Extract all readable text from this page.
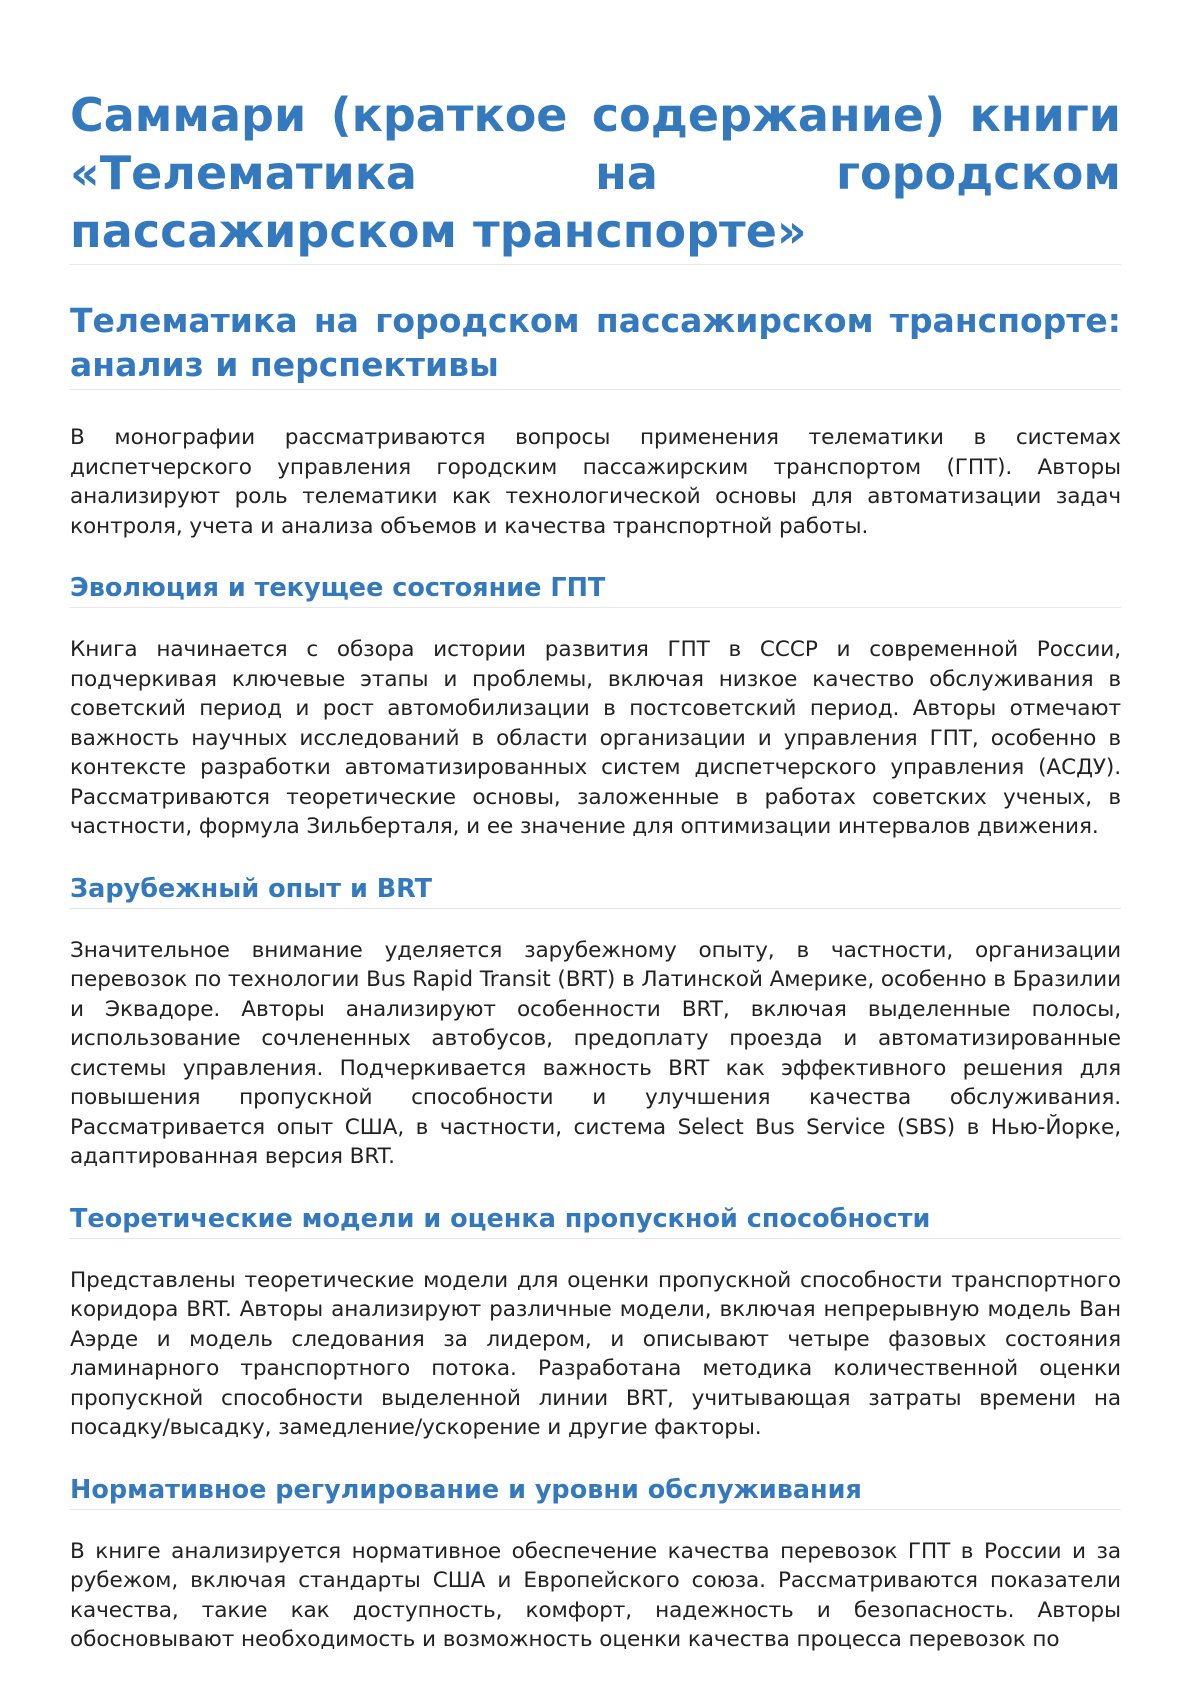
Саммари (краткое содержание) книги «Телематика на городском пассажирском транспорте»
Телематика на городском пассажирском транспорте: анализ и перспективы

В монографии рассматриваются вопросы применения телематики в системах диспетчерского управления городским пассажирским транспортом (ГПТ). Авторы анализируют роль телематики как технологической основы для автоматизации задач контроля, учета и анализа объемов и качества транспортной работы.

Эволюция и текущее состояние ГПТ

Книга начинается с обзора истории развития ГПТ в СССР и современной России, подчеркивая ключевые этапы и проблемы, включая низкое качество обслуживания в советский период и рост автомобилизации в постсоветский период. Авторы отмечают важность научных исследований в области организации и управления ГПТ, особенно в контексте разработки автоматизированных систем диспетчерского управления (АСДУ). Рассматриваются теоретические основы, заложенные в работах советских ученых, в частности, формула Зильберталя, и ее значение для оптимизации интервалов движения.

Зарубежный опыт и BRT

Значительное внимание уделяется зарубежному опыту, в частности, организации перевозок по технологии Bus Rapid Transit (BRT) в Латинской Америке, особенно в Бразилии и Эквадоре. Авторы анализируют особенности BRT, включая выделенные полосы, использование сочлененных автобусов, предоплату проезда и автоматизированные системы управления. Подчеркивается важность BRT как эффективного решения для повышения пропускной способности и улучшения качества обслуживания. Рассматривается опыт США, в частности, система Select Bus Service (SBS) в Нью-Йорке, адаптированная версия BRT.

Теоретические модели и оценка пропускной способности

Представлены теоретические модели для оценки пропускной способности транспортного коридора BRT. Авторы анализируют различные модели, включая непрерывную модель Ван Аэрде и модель следования за лидером, и описывают четыре фазовых состояния ламинарного транспортного потока. Разработана методика количественной оценки пропускной способности выделенной линии BRT, учитывающая затраты времени на посадку/высадку, замедление/ускорение и другие факторы.

Нормативное регулирование и уровни обслуживания

В книге анализируется нормативное обеспечение качества перевозок ГПТ в России и за рубежом, включая стандарты США и Европейского союза. Рассматриваются показатели качества, такие как доступность, комфорт, надежность и безопасность. Авторы обосновывают необходимость и возможность оценки качества процесса перевозок по
